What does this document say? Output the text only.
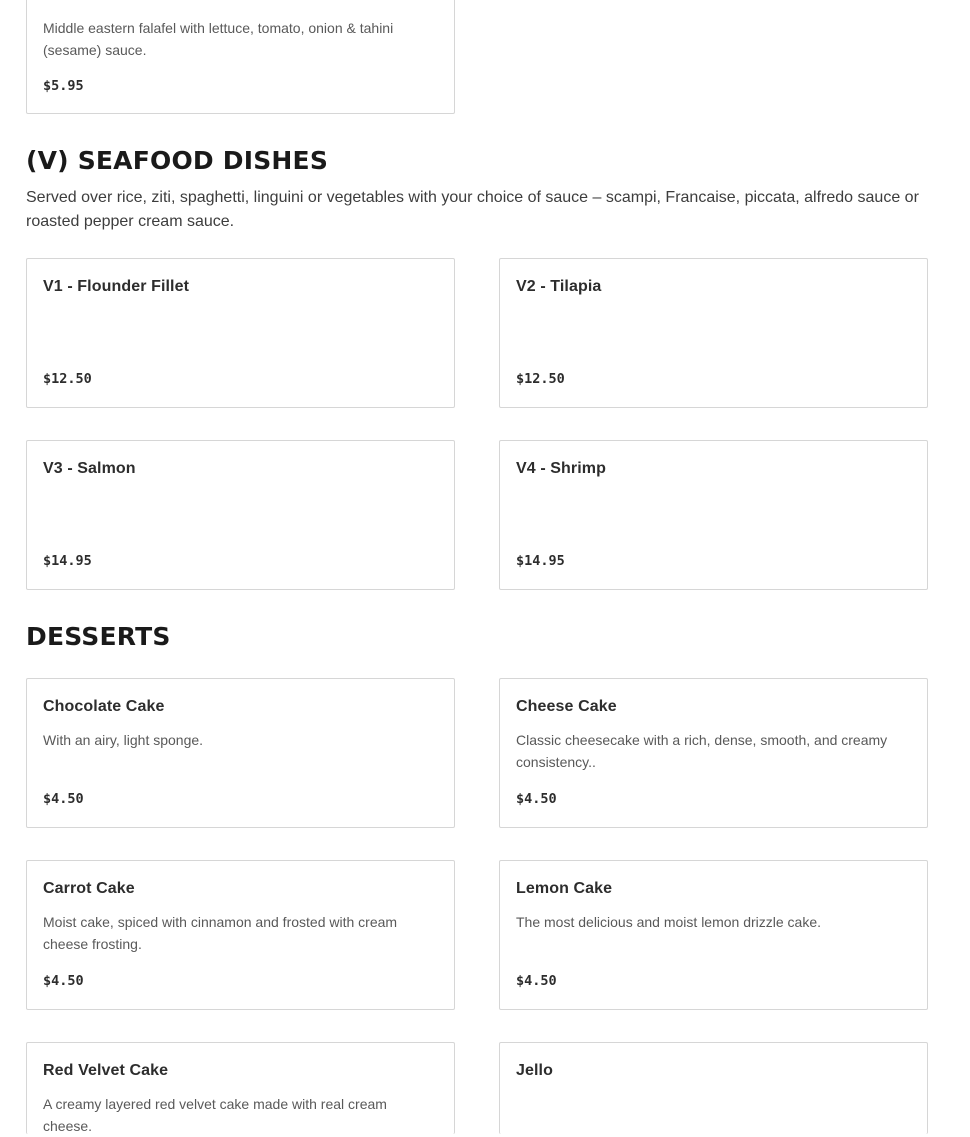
Middle eastern falafel with lettuce, tomato, onion & tahini (sesame) sauce.
$5.95
(V) SEAFOOD DISHES

Served over rice, ziti, spaghetti, linguini or vegetables with your choice of sauce – scampi, Francaise, piccata, alfredo sauce or roasted pepper cream sauce.

V1 - Flounder Fillet
$12.50
V2 - Tilapia
$12.50
V3 - Salmon
$14.95
V4 - Shrimp
$14.95
DESSERTS
Chocolate Cake
With an airy, light sponge.
$4.50
Cheese Cake
Classic cheesecake with a rich, dense, smooth, and creamy consistency..
$4.50
Carrot Cake
Moist cake, spiced with cinnamon and frosted with cream cheese frosting.
$4.50
Lemon Cake
The most delicious and moist lemon drizzle cake.
$4.50
Red Velvet Cake
A creamy layered red velvet cake made with real cream cheese.
Jello
